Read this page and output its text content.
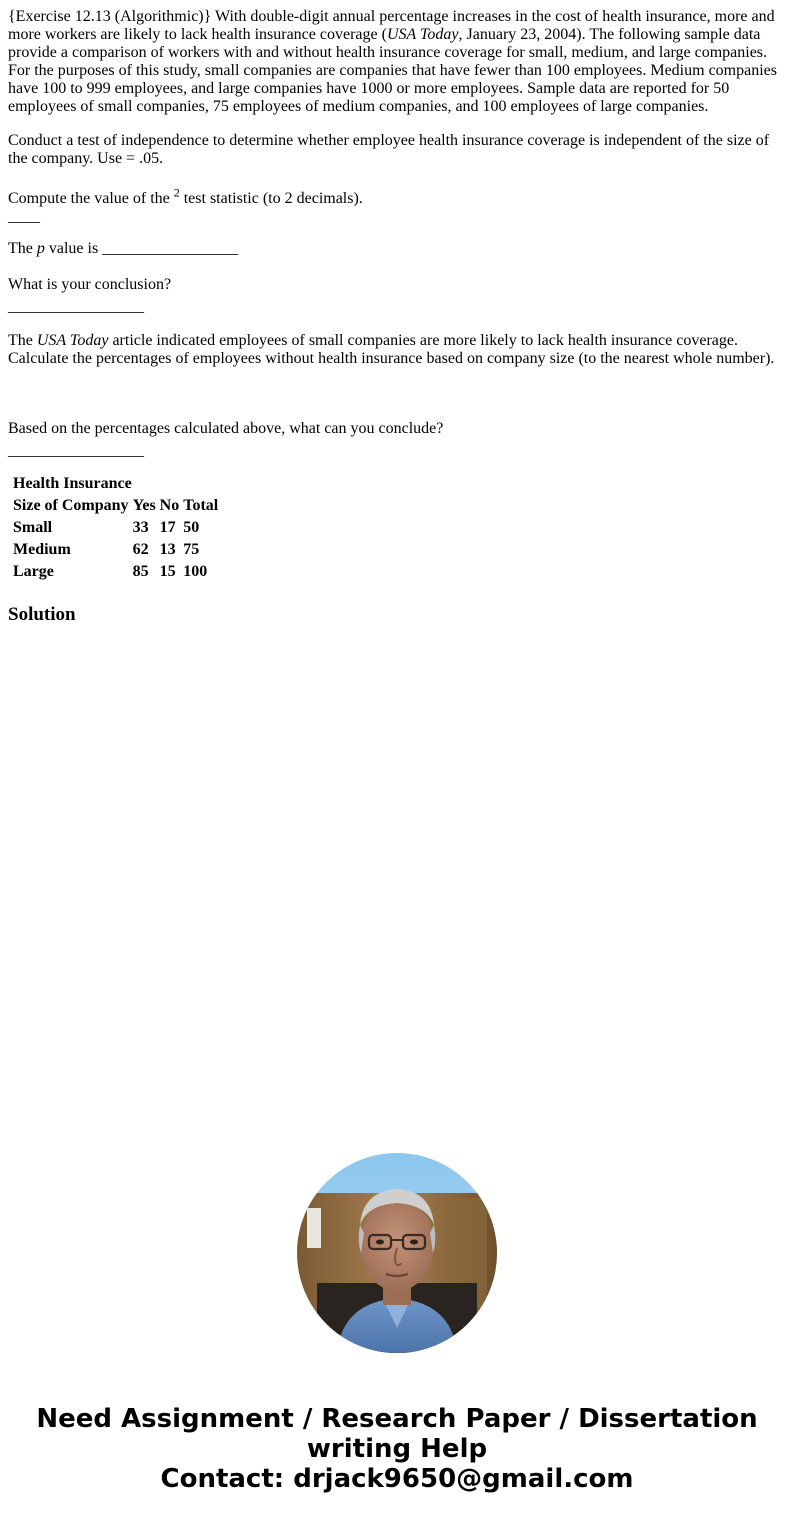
{Exercise 12.13 (Algorithmic)} With double-digit annual percentage increases in the cost of health insurance, more and more workers are likely to lack health insurance coverage (USA Today, January 23, 2004). The following sample data provide a comparison of workers with and without health insurance coverage for small, medium, and large companies. For the purposes of this study, small companies are companies that have fewer than 100 employees. Medium companies have 100 to 999 employees, and large companies have 1000 or more employees. Sample data are reported for 50 employees of small companies, 75 employees of medium companies, and 100 employees of large companies.

Conduct a test of independence to determine whether employee health insurance coverage is independent of the size of the company. Use = .05.

Compute the value of the $^2$ test statistic (to 2 decimals).
____

The p value is _________________

What is your conclusion?
_________________

The USA Today article indicated employees of small companies are more likely to lack health insurance coverage. Calculate the percentages of employees without health insurance based on company size (to the nearest whole number).

Based on the percentages calculated above, what can you conclude?
_________________

Health Insurance			
Size of Company	Yes	No	Total
Small	33	17	50
Medium	62	13	75
Large	85	15	100
Solution
Need Assignment / Research Paper / Dissertation
writing Help
Contact: drjack9650@gmail.com
